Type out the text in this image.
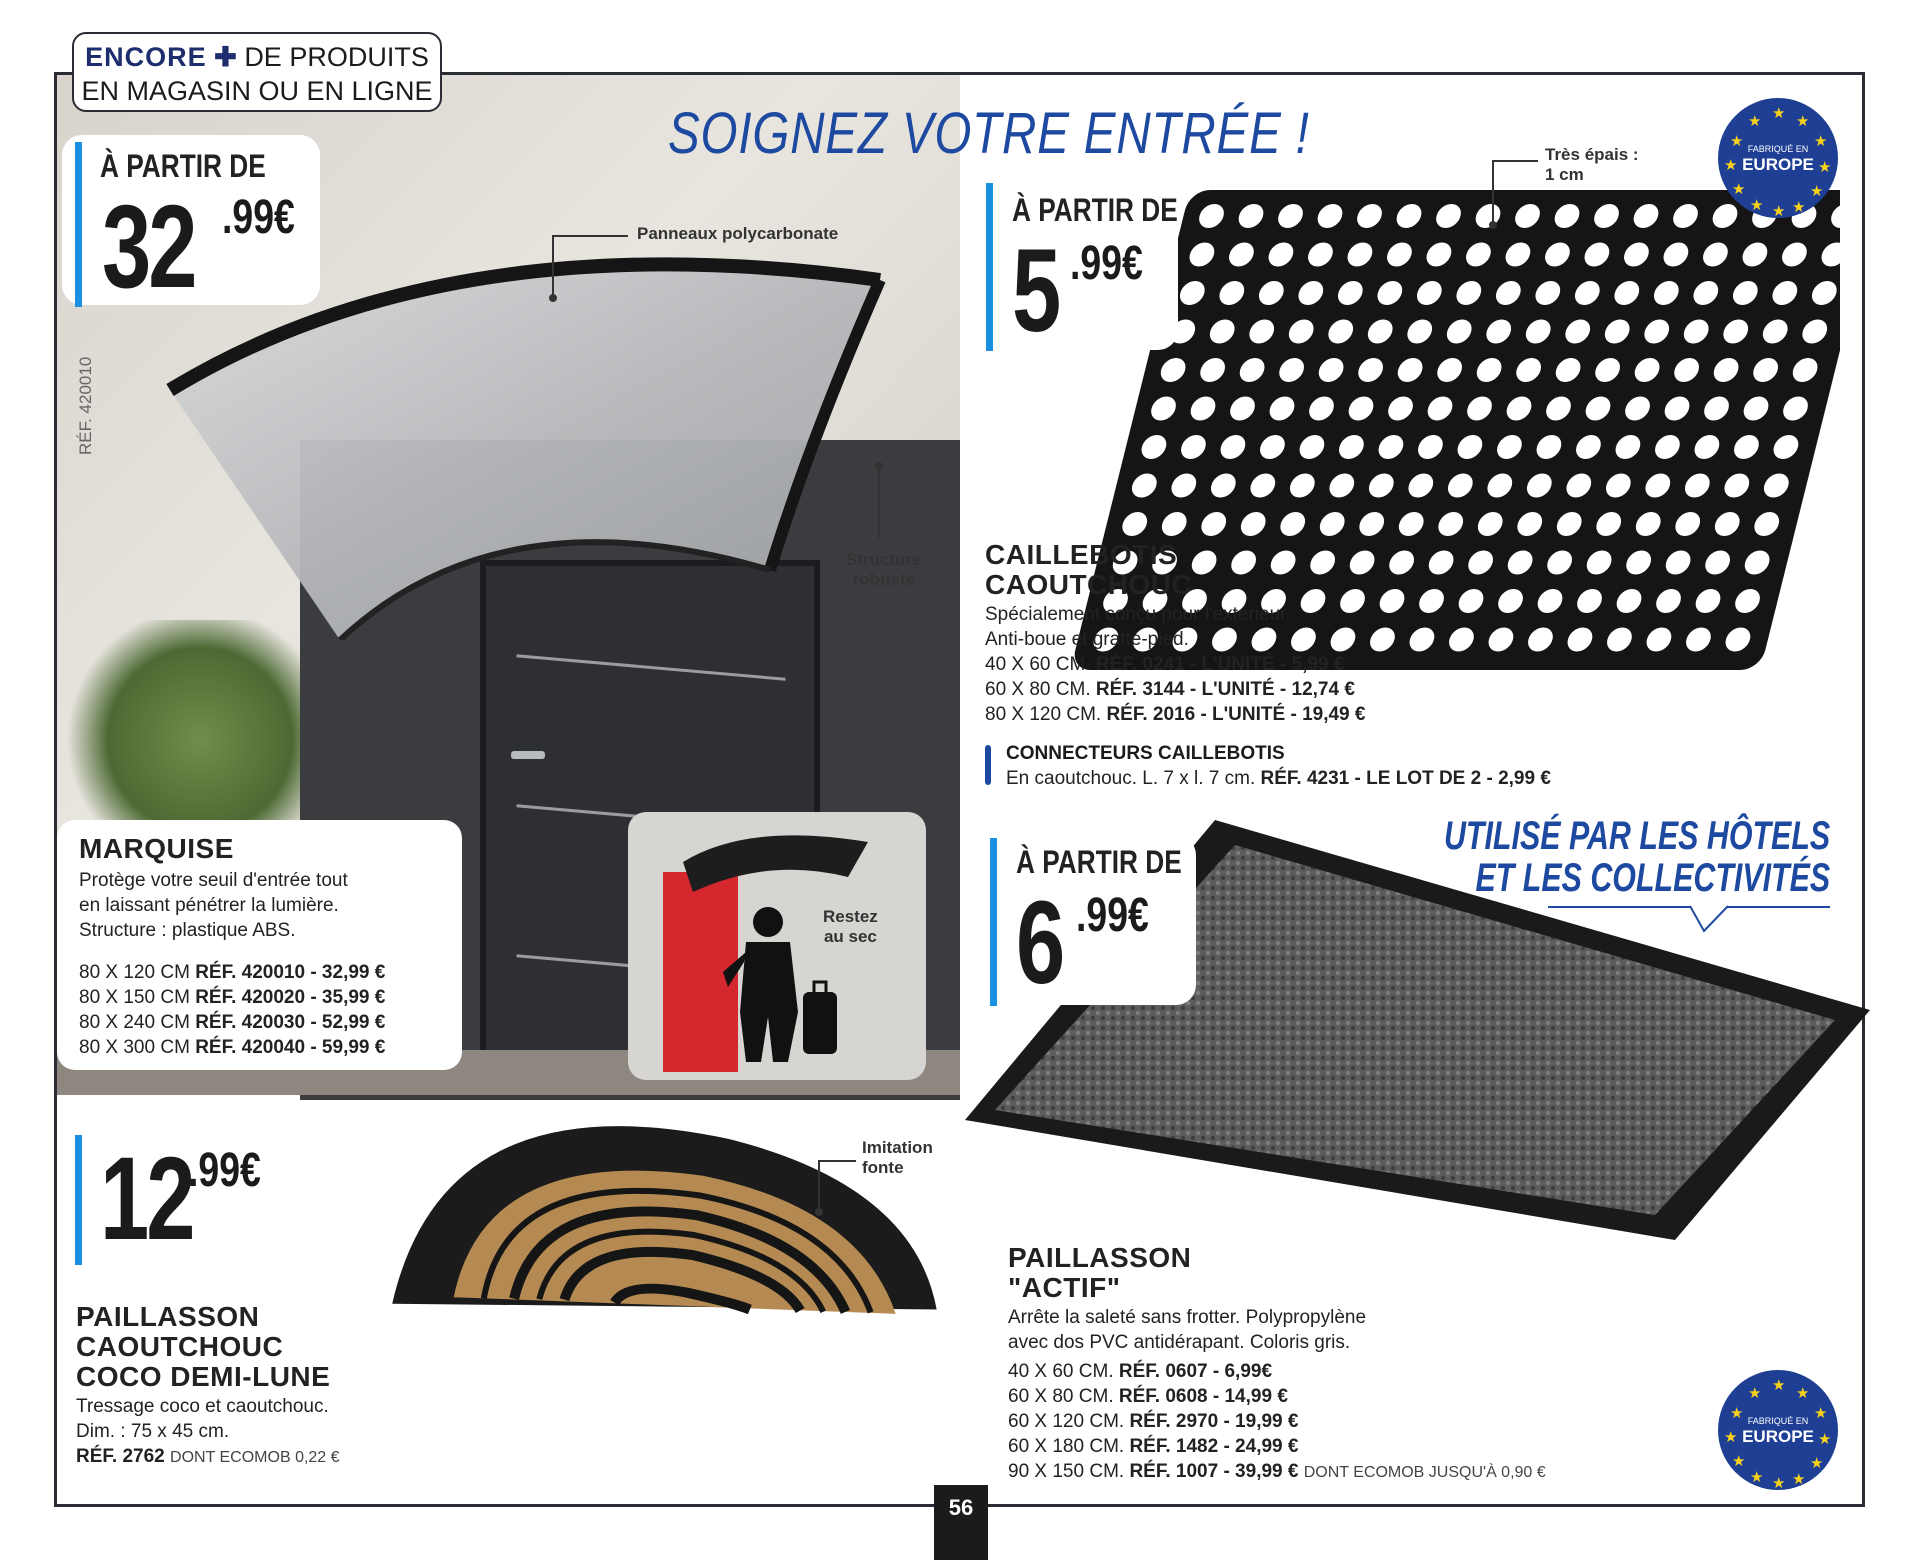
ENCORE ✚ DE PRODUITS
EN MAGASIN OU EN LIGNE
SOIGNEZ VOTRE ENTRÉE !
À PARTIR DE
32 .99€
RÉF. 420010
Panneaux polycarbonate
Structure
robuste
Restez
au sec
MARQUISE
Protège votre seuil d'entrée tout
en laissant pénétrer la lumière.
Structure : plastique ABS.
80 X 120 CM RÉF. 420010 - 32,99 €
80 X 150 CM RÉF. 420020 - 35,99 €
80 X 240 CM RÉF. 420030 - 52,99 €
80 X 300 CM RÉF. 420040 - 59,99 €
À PARTIR DE
5 .99€
Très épais :
1 cm
FABRIQUÉ EN
EUROPE
★ ★
★
★
★
★
★
★
★
★
★
★
CAILLEBOTIS
CAOUTCHOUC
Spécialement conçu pour l'extérieur.
Anti-boue et gratte-pied.
40 X 60 CM. RÉF. 0241 - L'UNITÉ - 5,99 €
60 X 80 CM. RÉF. 3144 - L'UNITÉ - 12,74 €
80 X 120 CM. RÉF. 2016 - L'UNITÉ - 19,49 €
CONNECTEURS CAILLEBOTIS
En caoutchouc. L. 7 x l. 7 cm. RÉF. 4231 - LE LOT DE 2 - 2,99 €
À PARTIR DE
6 .99€
UTILISÉ PAR LES HÔTELS
ET LES COLLECTIVITÉS
PAILLASSON
"ACTIF"
Arrête la saleté sans frotter. Polypropylène
avec dos PVC antidérapant. Coloris gris.
40 X 60 CM. RÉF. 0607 - 6,99€
60 X 80 CM. RÉF. 0608 - 14,99 €
60 X 120 CM. RÉF. 2970 - 19,99 €
60 X 180 CM. RÉF. 1482 - 24,99 €
90 X 150 CM. RÉF. 1007 - 39,99 € DONT ECOMOB JUSQU'À 0,90 €
FABRIQUÉ EN
EUROPE
★ ★
★
★
★
★
★
★
★
★
★
★
Imitation
fonte
12
.99€
PAILLASSON
CAOUTCHOUC
COCO DEMI-LUNE
Tressage coco et caoutchouc.
Dim. : 75 x 45 cm.
RÉF. 2762 DONT ECOMOB 0,22 €
56
